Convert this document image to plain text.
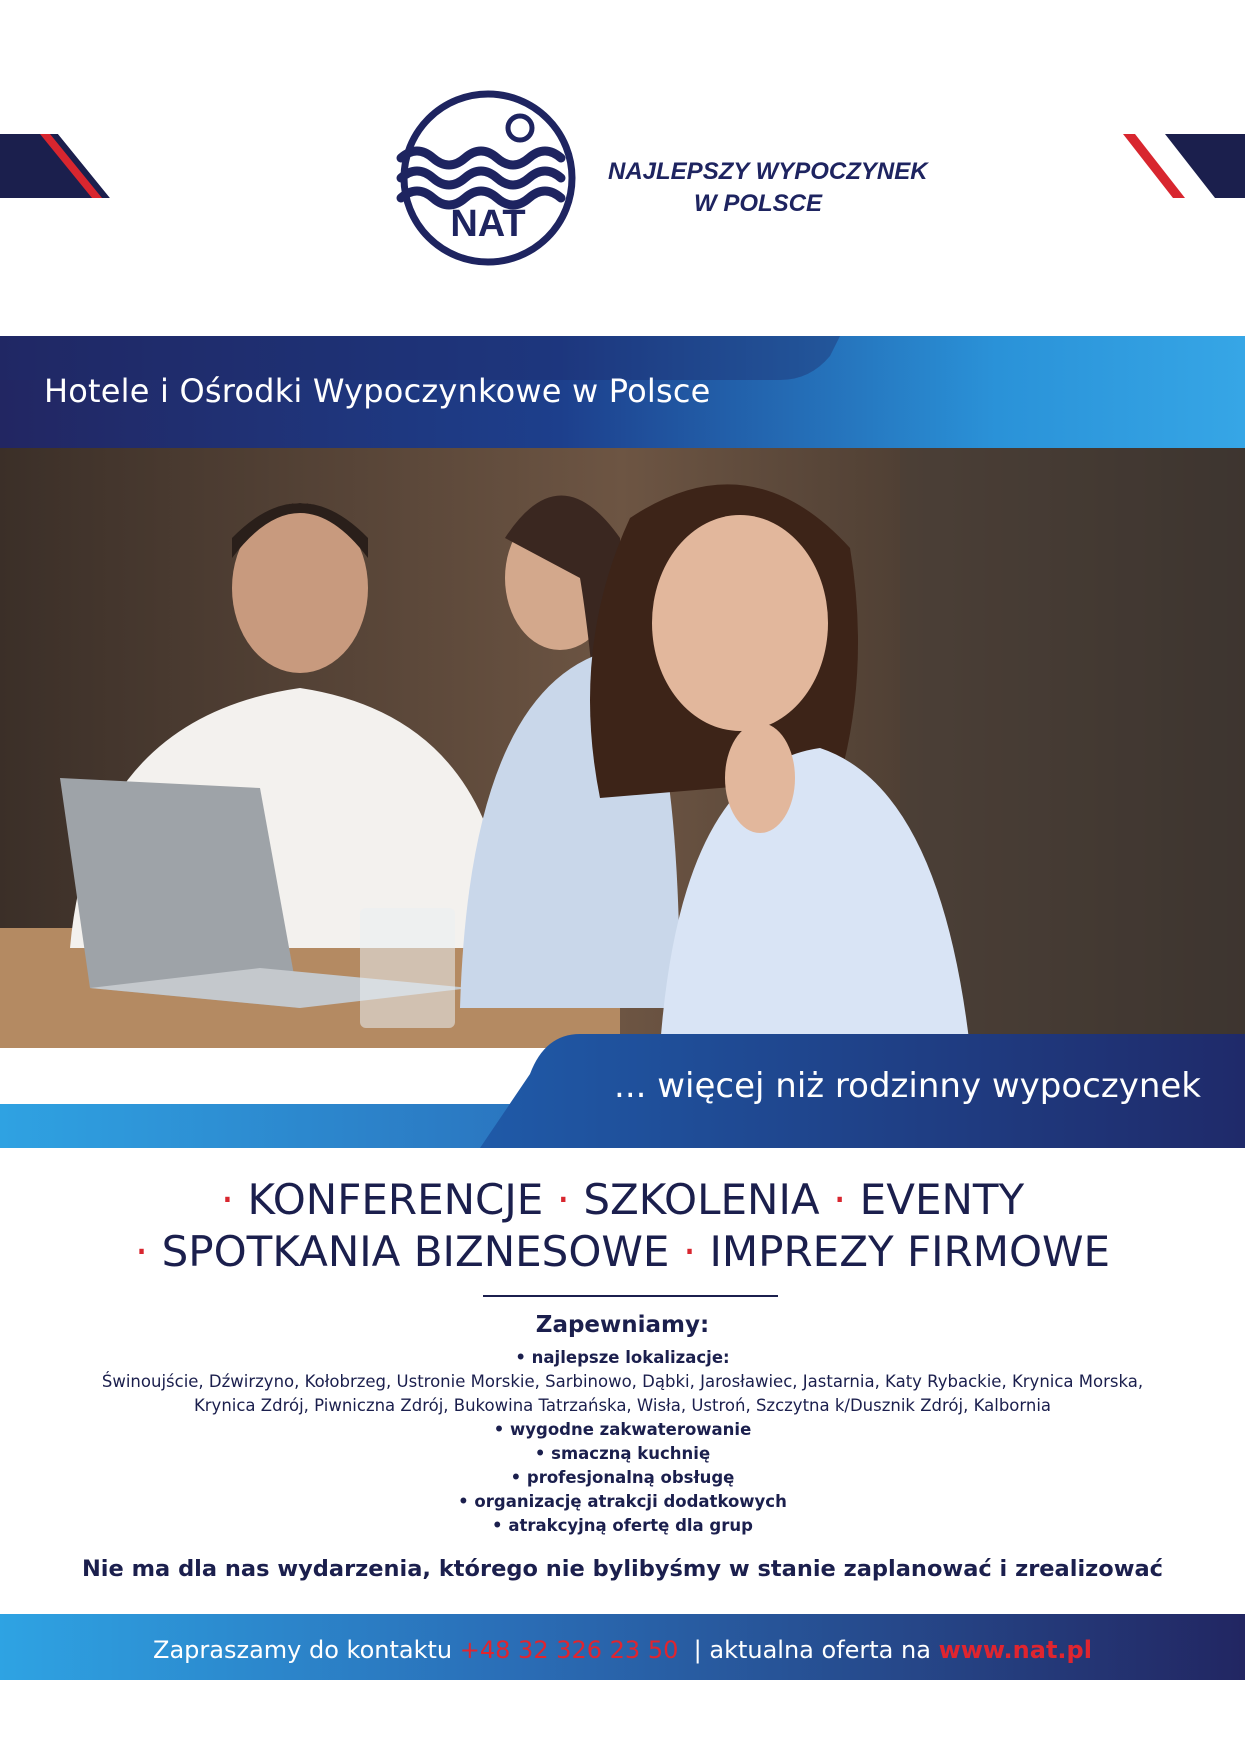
NAT
NAJLEPSZY WYPOCZYNEK
W POLSCE
Hotele i Ośrodki Wypoczynkowe w Polsce
... więcej niż rodzinny wypoczynek
· KONFERENCJE · SZKOLENIA · EVENTY
· SPOTKANIA BIZNESOWE · IMPREZY FIRMOWE
Zapewniamy:
• najlepsze lokalizacje:
Świnoujście, Dźwirzyno, Kołobrzeg, Ustronie Morskie, Sarbinowo, Dąbki, Jarosławiec, Jastarnia, Katy Rybackie, Krynica Morska,
Krynica Zdrój, Piwniczna Zdrój, Bukowina Tatrzańska, Wisła, Ustroń, Szczytna k/Dusznik Zdrój, Kalbornia
• wygodne zakwaterowanie
• smaczną kuchnię
• profesjonalną obsługę
• organizację atrakcji dodatkowych
• atrakcyjną ofertę dla grup
Nie ma dla nas wydarzenia, którego nie bylibyśmy w stanie zaplanować i zrealizować
Zapraszamy do kontaktu +48 32 326 23 50 | aktualna oferta na www.nat.pl
